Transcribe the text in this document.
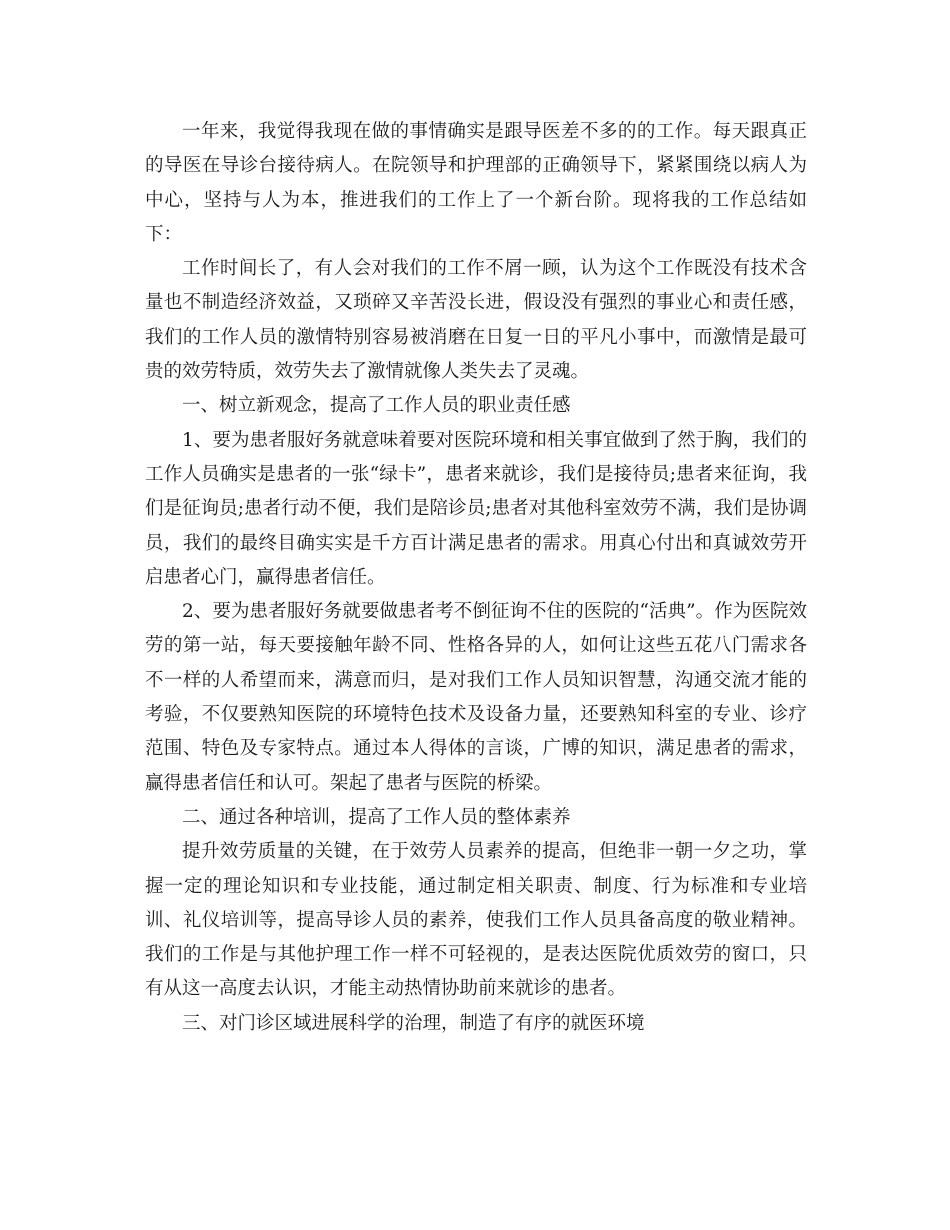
一年来，我觉得我现在做的事情确实是跟导医差不多的的工作。每天跟真正的导医在导诊台接待病人。在院领导和护理部的正确领导下，紧紧围绕以病人为中心，坚持与人为本，推进我们的工作上了一个新台阶。现将我的工作总结如下：

工作时间长了，有人会对我们的工作不屑一顾，认为这个工作既没有技术含量也不制造经济效益，又琐碎又辛苦没长进，假设没有强烈的事业心和责任感，我们的工作人员的激情特别容易被消磨在日复一日的平凡小事中，而激情是最可贵的效劳特质，效劳失去了激情就像人类失去了灵魂。

一、树立新观念，提高了工作人员的职业责任感

1、要为患者服好务就意味着要对医院环境和相关事宜做到了然于胸，我们的工作人员确实是患者的一张“绿卡”，患者来就诊，我们是接待员;患者来征询，我们是征询员;患者行动不便，我们是陪诊员;患者对其他科室效劳不满，我们是协调员，我们的最终目确实实是千方百计满足患者的需求。用真心付出和真诚效劳开启患者心门，赢得患者信任。

2、要为患者服好务就要做患者考不倒征询不住的医院的“活典”。作为医院效劳的第一站，每天要接触年龄不同、性格各异的人，如何让这些五花八门需求各不一样的人希望而来，满意而归，是对我们工作人员知识智慧，沟通交流才能的考验，不仅要熟知医院的环境特色技术及设备力量，还要熟知科室的专业、诊疗范围、特色及专家特点。通过本人得体的言谈，广博的知识，满足患者的需求，赢得患者信任和认可。架起了患者与医院的桥梁。

二、通过各种培训，提高了工作人员的整体素养

提升效劳质量的关键，在于效劳人员素养的提高，但绝非一朝一夕之功，掌握一定的理论知识和专业技能，通过制定相关职责、制度、行为标准和专业培训、礼仪培训等，提高导诊人员的素养，使我们工作人员具备高度的敬业精神。我们的工作是与其他护理工作一样不可轻视的，是表达医院优质效劳的窗口，只有从这一高度去认识，才能主动热情协助前来就诊的患者。

三、对门诊区域进展科学的治理，制造了有序的就医环境
